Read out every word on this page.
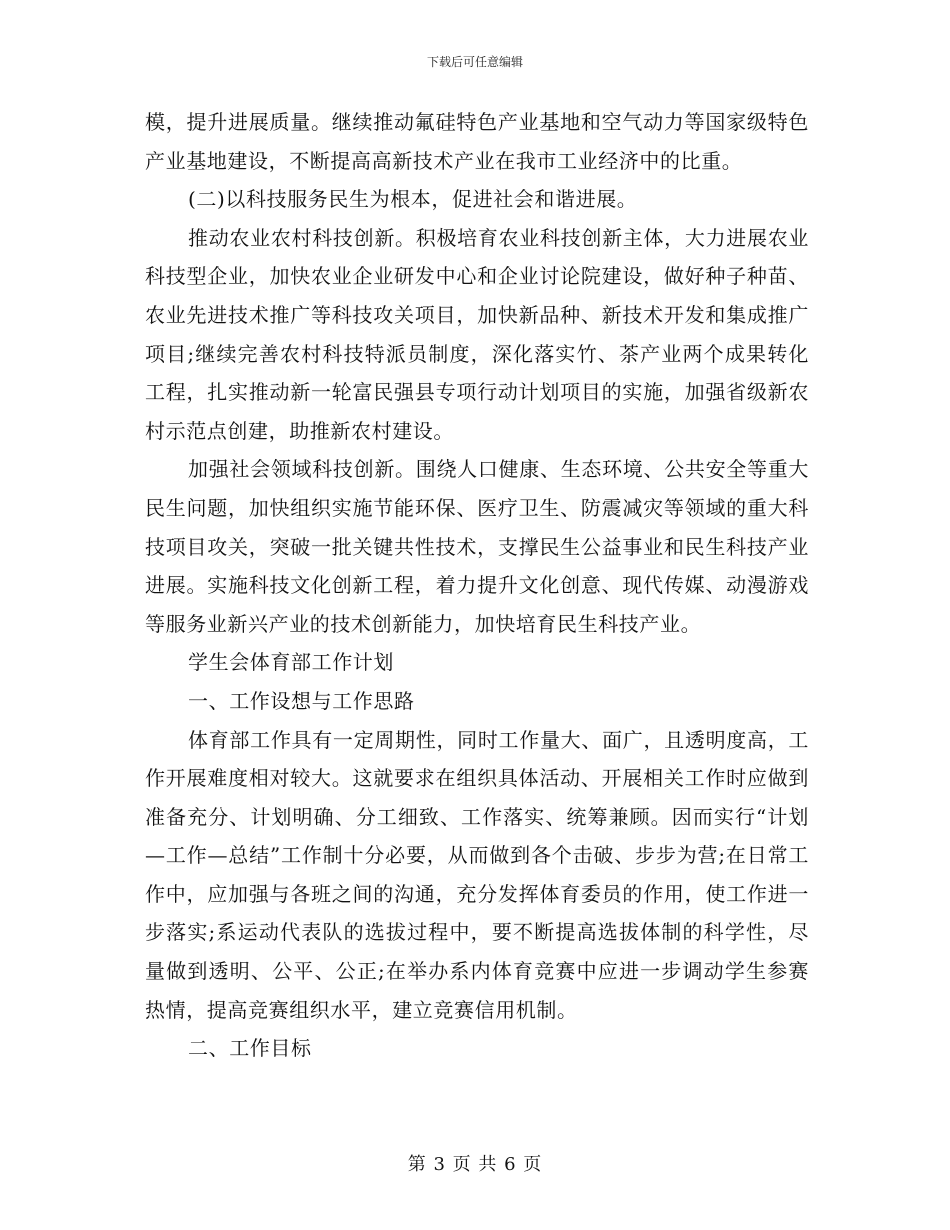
下载后可任意编辑

模，提升进展质量。继续推动氟硅特色产业基地和空气动力等国家级特色产业基地建设，不断提高高新技术产业在我市工业经济中的比重。

(二)以科技服务民生为根本，促进社会和谐进展。

推动农业农村科技创新。积极培育农业科技创新主体，大力进展农业科技型企业，加快农业企业研发中心和企业讨论院建设，做好种子种苗、农业先进技术推广等科技攻关项目，加快新品种、新技术开发和集成推广项目;继续完善农村科技特派员制度，深化落实竹、茶产业两个成果转化工程，扎实推动新一轮富民强县专项行动计划项目的实施，加强省级新农村示范点创建，助推新农村建设。

加强社会领域科技创新。围绕人口健康、生态环境、公共安全等重大民生问题，加快组织实施节能环保、医疗卫生、防震减灾等领域的重大科技项目攻关，突破一批关键共性技术，支撑民生公益事业和民生科技产业进展。实施科技文化创新工程，着力提升文化创意、现代传媒、动漫游戏等服务业新兴产业的技术创新能力，加快培育民生科技产业。

学生会体育部工作计划

一、工作设想与工作思路

体育部工作具有一定周期性，同时工作量大、面广，且透明度高，工作开展难度相对较大。这就要求在组织具体活动、开展相关工作时应做到准备充分、计划明确、分工细致、工作落实、统筹兼顾。因而实行“计划—工作—总结”工作制十分必要，从而做到各个击破、步步为营;在日常工作中，应加强与各班之间的沟通，充分发挥体育委员的作用，使工作进一步落实;系运动代表队的选拔过程中，要不断提高选拔体制的科学性，尽量做到透明、公平、公正;在举办系内体育竞赛中应进一步调动学生参赛热情，提高竞赛组织水平，建立竞赛信用机制。

二、工作目标

第 3 页 共 6 页
